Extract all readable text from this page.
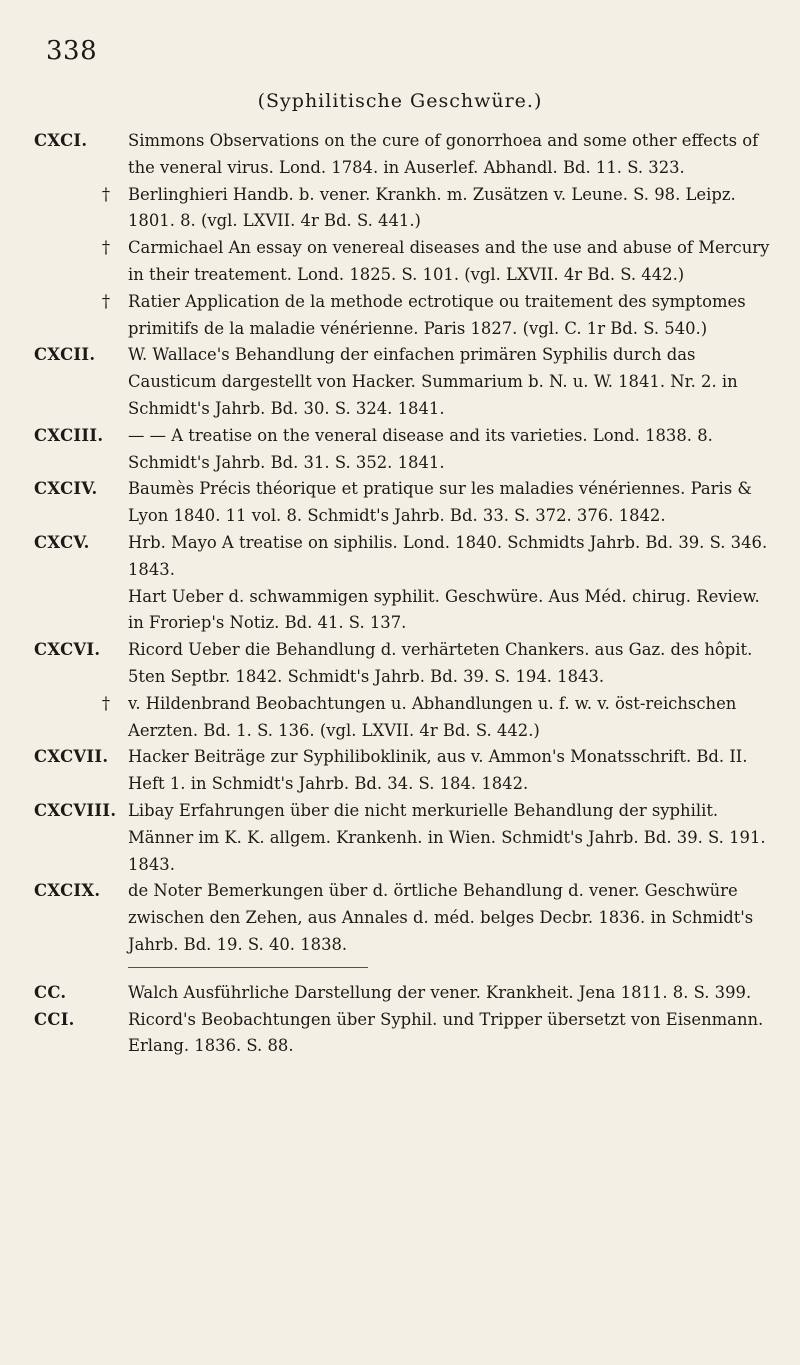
338
(Syphilitische Geschwüre.)

CXCI. Simmons Observations on the cure of gonorrhoea and some other effects of the veneral virus. Lond. 1784. in Auserlef. Abhandl. Bd. 11. S. 323.

† Berlinghieri Handb. b. vener. Krankh. m. Zusätzen v. Leune. S. 98. Leipz. 1801. 8. (vgl. LXVII. 4r Bd. S. 441.)

† Carmichael An essay on venereal diseases and the use and abuse of Mercury in their treatement. Lond. 1825. S. 101. (vgl. LXVII. 4r Bd. S. 442.)

† Ratier Application de la methode ectrotique ou traitement des symptomes primitifs de la maladie vénérienne. Paris 1827. (vgl. C. 1r Bd. S. 540.)

CXCII. W. Wallace's Behandlung der einfachen primären Syphilis durch das Causticum dargestellt von Hacker. Summarium b. N. u. W. 1841. Nr. 2. in Schmidt's Jahrb. Bd. 30. S. 324. 1841.

CXCIII. — — A treatise on the veneral disease and its varieties. Lond. 1838. 8. Schmidt's Jahrb. Bd. 31. S. 352. 1841.

CXCIV. Baumès Précis théorique et pratique sur les maladies vénériennes. Paris & Lyon 1840. 11 vol. 8. Schmidt's Jahrb. Bd. 33. S. 372. 376. 1842.

CXCV. Hrb. Mayo A treatise on siphilis. Lond. 1840. Schmidts Jahrb. Bd. 39. S. 346. 1843.

Hart Ueber d. schwammigen syphilit. Geschwüre. Aus Méd. chirug. Review. in Froriep's Notiz. Bd. 41. S. 137.

CXCVI. Ricord Ueber die Behandlung d. verhärteten Chankers. aus Gaz. des hôpit. 5ten Septbr. 1842. Schmidt's Jahrb. Bd. 39. S. 194. 1843.

† v. Hildenbrand Beobachtungen u. Abhandlungen u. f. w. v. öst-reichschen Aerzten. Bd. 1. S. 136. (vgl. LXVII. 4r Bd. S. 442.)

CXCVII. Hacker Beiträge zur Syphiliboklinik, aus v. Ammon's Monatsschrift. Bd. II. Heft 1. in Schmidt's Jahrb. Bd. 34. S. 184. 1842.

CXCVIII. Libay Erfahrungen über die nicht merkurielle Behandlung der syphilit. Männer im K. K. allgem. Krankenh. in Wien. Schmidt's Jahrb. Bd. 39. S. 191. 1843.

CXCIX. de Noter Bemerkungen über d. örtliche Behandlung d. vener. Geschwüre zwischen den Zehen, aus Annales d. méd. belges Decbr. 1836. in Schmidt's Jahrb. Bd. 19. S. 40. 1838.

CC.	Walch Ausführliche Darstellung der vener. Krankheit. Jena 1811. 8. S. 399.

CCI.	Ricord's Beobachtungen über Syphil. und Tripper übersetzt von Eisenmann. Erlang. 1836. S. 88.
